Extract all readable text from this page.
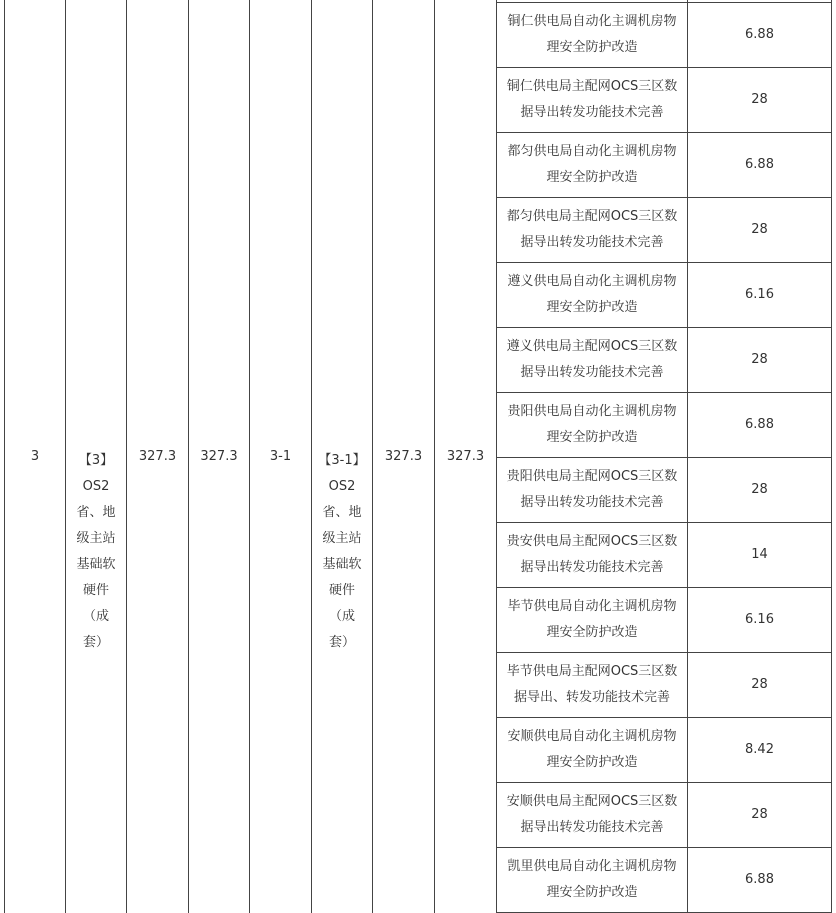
3	【3】
OS2
省、地
级主站
基础软
硬件
（成
套）
327.3	327.3	3-1	【3-1】
OS2
省、地
级主站
基础软
硬件
（成
套）
327.3	327.3
铜仁供电局自动化主调机房物理安全防护改造
6.88
铜仁供电局主配网OCS三区数据导出转发功能技术完善
28
都匀供电局自动化主调机房物理安全防护改造
6.88
都匀供电局主配网OCS三区数据导出转发功能技术完善
28
遵义供电局自动化主调机房物理安全防护改造
6.16
遵义供电局主配网OCS三区数据导出转发功能技术完善
28
贵阳供电局自动化主调机房物理安全防护改造
6.88
贵阳供电局主配网OCS三区数据导出转发功能技术完善
28
贵安供电局主配网OCS三区数据导出转发功能技术完善
14
毕节供电局自动化主调机房物理安全防护改造
6.16
毕节供电局主配网OCS三区数据导出、转发功能技术完善
28
安顺供电局自动化主调机房物理安全防护改造
8.42
安顺供电局主配网OCS三区数据导出转发功能技术完善
28
凯里供电局自动化主调机房物理安全防护改造
6.88
